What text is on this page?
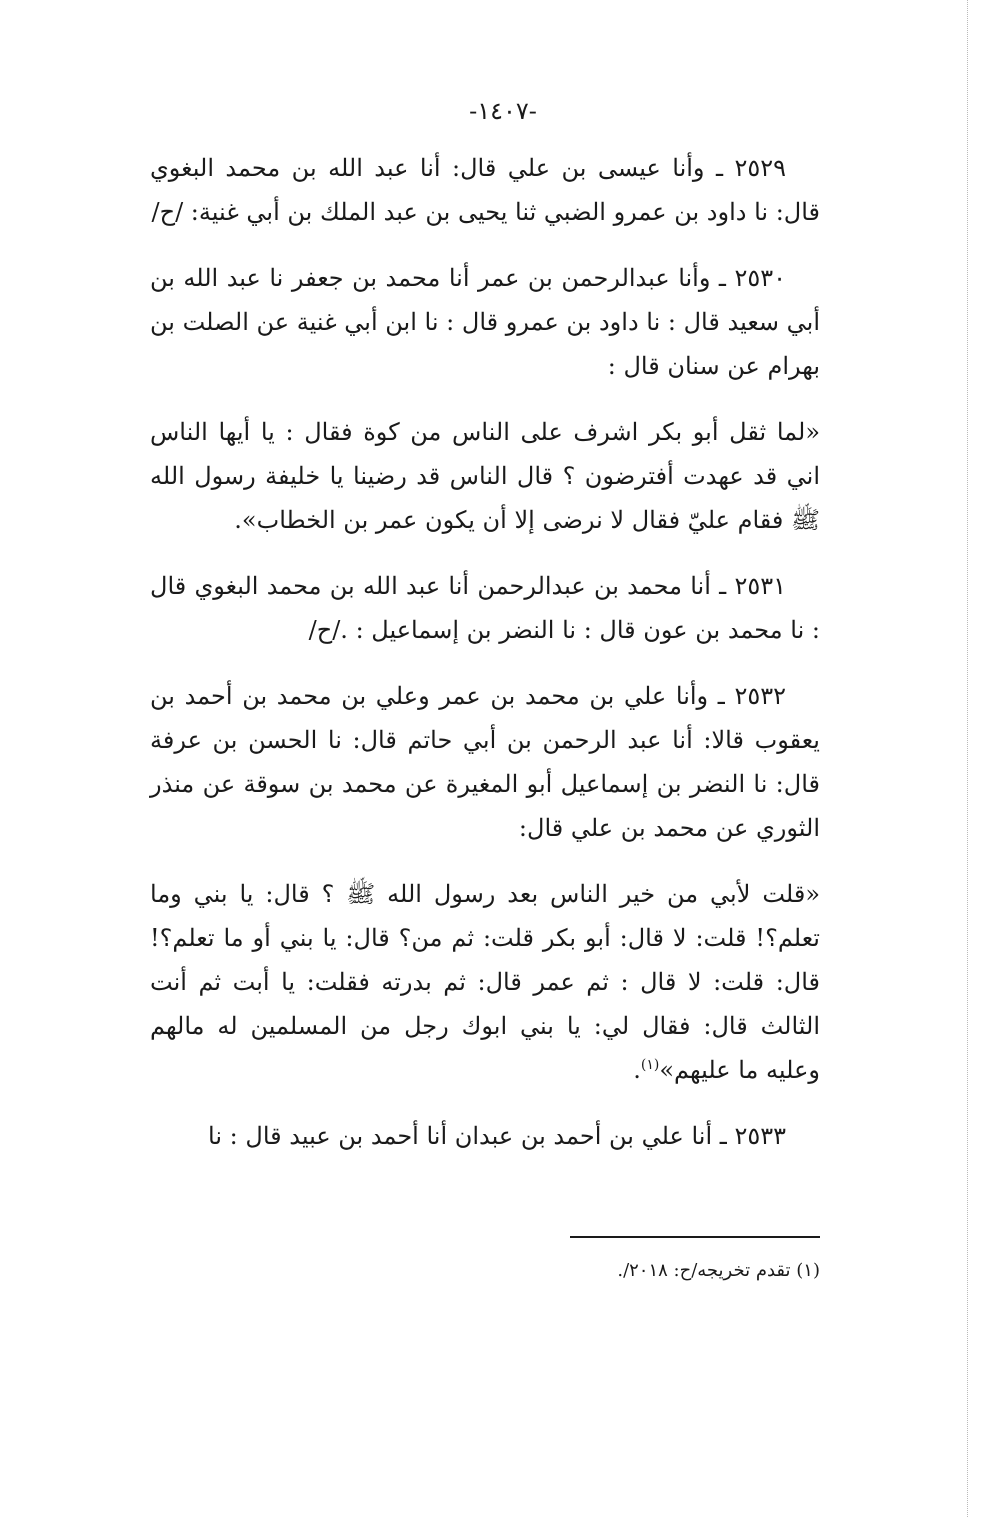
-١٤٠٧-

٢٥٢٩ ـ وأنا عيسى بن علي قال: أنا عبد الله بن محمد البغوي قال: نا داود بن عمرو الضبي ثنا يحيى بن عبد الملك بن أبي غنية: /ح/

٢٥٣٠ ـ وأنا عبدالرحمن بن عمر أنا محمد بن جعفر نا عبد الله بن أبي سعيد قال : نا داود بن عمرو قال : نا ابن أبي غنية عن الصلت بن بهرام عن سنان قال :

«لما ثقل أبو بكر اشرف على الناس من كوة فقال : يا أيها الناس اني قد عهدت أفترضون ؟ قال الناس قد رضينا يا خليفة رسول الله ﷺ فقام عليّ فقال لا نرضى إلا أن يكون عمر بن الخطاب».

٢٥٣١ ـ أنا محمد بن عبدالرحمن أنا عبد الله بن محمد البغوي قال : نا محمد بن عون قال : نا النضر بن إسماعيل : ./ح/

٢٥٣٢ ـ وأنا علي بن محمد بن عمر وعلي بن محمد بن أحمد بن يعقوب قالا: أنا عبد الرحمن بن أبي حاتم قال: نا الحسن بن عرفة قال: نا النضر بن إسماعيل أبو المغيرة عن محمد بن سوقة عن منذر الثوري عن محمد بن علي قال:

«قلت لأبي من خير الناس بعد رسول الله ﷺ ؟ قال: يا بني وما تعلم؟! قلت: لا قال: أبو بكر قلت: ثم من؟ قال: يا بني أو ما تعلم؟! قال: قلت: لا قال : ثم عمر قال: ثم بدرته فقلت: يا أبت ثم أنت الثالث قال: فقال لي: يا بني ابوك رجل من المسلمين له مالهم وعليه ما عليهم»$^{(١)}$.

٢٥٣٣ ـ أنا علي بن أحمد بن عبدان أنا أحمد بن عبيد قال : نا

(١) تقدم تخريجه/ح: ٢٠١٨/.
